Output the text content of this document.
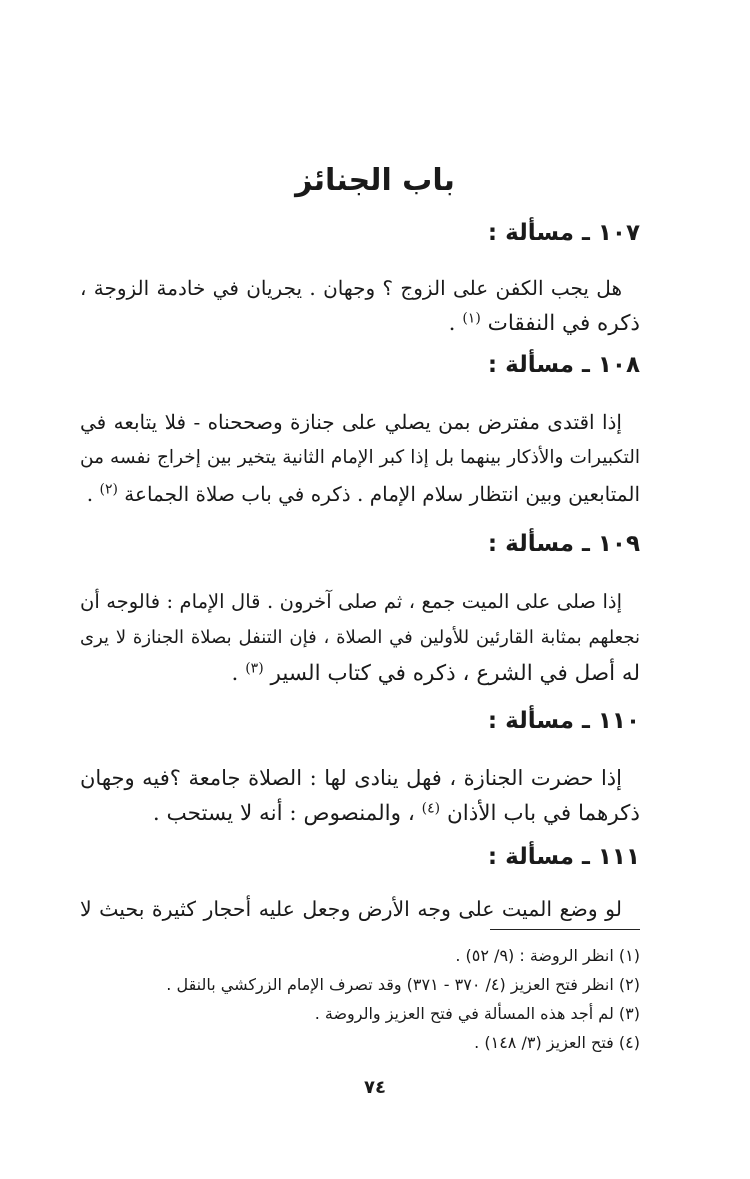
باب الجنائز
١٠٧ ـ مسألة :
هل يجب الكفن على الزوج ؟ وجهان . يجريان في خادمة الزوجة ،
ذكره في النفقات $^{(١)}$ .
١٠٨ ـ مسألة :
إذا اقتدى مفترض بمن يصلي على جنازة وصححناه - فلا يتابعه في
التكبيرات والأذكار بينهما بل إذا كبر الإمام الثانية يتخير بين إخراج نفسه من
المتابعين وبين انتظار سلام الإمام . ذكره في باب صلاة الجماعة $^{(٢)}$ .
١٠٩ ـ مسألة :
إذا صلى على الميت جمع ، ثم صلى آخرون . قال الإمام : فالوجه أن
نجعلهم بمثابة القارئين للأولين في الصلاة ، فإن التنفل بصلاة الجنازة لا يرى
له أصل في الشرع ، ذكره في كتاب السير $^{(٣)}$ .
١١٠ ـ مسألة :
إذا حضرت الجنازة ، فهل ينادى لها : الصلاة جامعة ؟فيه وجهان
ذكرهما في باب الأذان $^{(٤)}$ ، والمنصوص : أنه لا يستحب .
١١١ ـ مسألة :
لو وضع الميت على وجه الأرض وجعل عليه أحجار كثيرة بحيث لا
(١) انظر الروضة : (٩/ ٥٢) .
(٢) انظر فتح العزيز (٤/ ٣٧٠ - ٣٧١) وقد تصرف الإمام الزركشي بالنقل .
(٣) لم أجد هذه المسألة في فتح العزيز والروضة .
(٤) فتح العزيز (٣/ ١٤٨) .
٧٤
